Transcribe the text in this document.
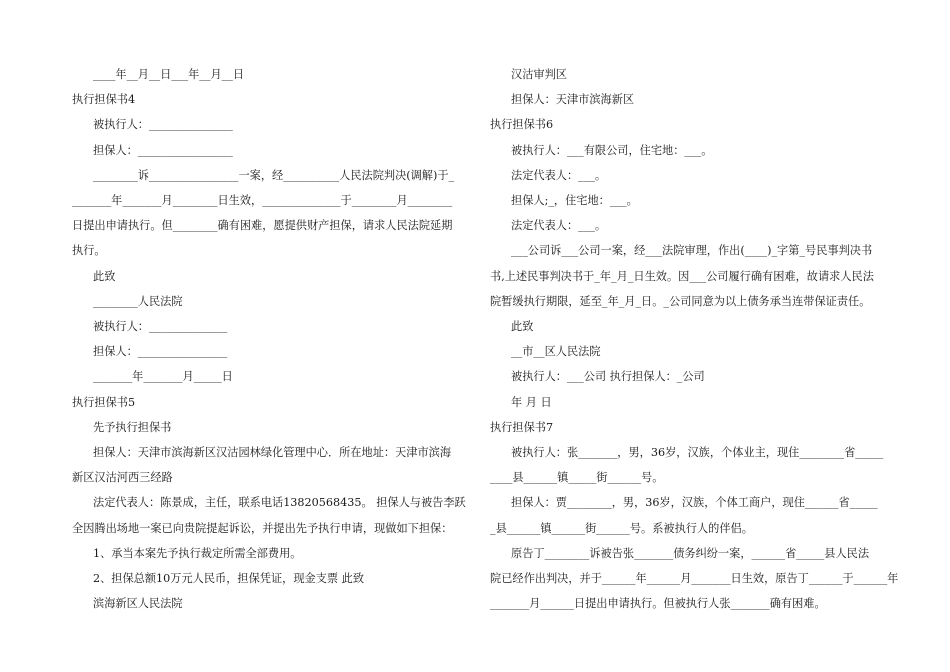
____年__月__日___年__月__日

执行担保书4

被执行人：_______________

担保人：_________________

________诉________________一案，经__________人民法院判决(调解)于_

_______年_______月________日生效，______________于________月________

日提出申请执行。但________确有困难，愿提供财产担保，请求人民法院延期

执行。

此致

________人民法院

被执行人：______________

担保人：________________

_______年_______月_____日

执行担保书5

先予执行担保书

担保人：天津市滨海新区汉沽园林绿化管理中心．所在地址：天津市滨海

新区汉沽河西三经路

法定代表人：陈景成，主任，联系电话13820568435。 担保人与被告李跃

全因腾出场地一案已向贵院提起诉讼，并提出先予执行申请，现做如下担保：

1、承当本案先予执行裁定所需全部费用。

2、担保总额10万元人民币，担保凭证，现金支票 此致

滨海新区人民法院

汉沽审判区

担保人：天津市滨海新区

执行担保书6

被执行人：___有限公司，住宅地：___。

法定代表人：___。

担保人;_，住宅地：___。

法定代表人：___。

___公司诉___公司一案，经___法院审理，作出(____)_字第_号民事判决书

书,上述民事判决书于_年_月_日生效。因___公司履行确有困难，故请求人民法

院暂缓执行期限，延至_年_月_日。_公司同意为以上债务承当连带保证责任。

此致

__市__区人民法院

被执行人：___公司 执行担保人：_公司

年 月 日

执行担保书7

被执行人：张_______，男，36岁，汉族，个体业主，现住________省_____

____县______镇_____街______号。

担保人：贾________，男，36岁，汉族，个体工商户，现住______省_____

_县______镇______街______号。系被执行人的伴侣。

原告丁________诉被告张_______债务纠纷一案，______省_____县人民法

院已经作出判决，并于______年______月_______日生效，原告丁______于______年

_______月______日提出申请执行。但被执行人张_______确有困难。
